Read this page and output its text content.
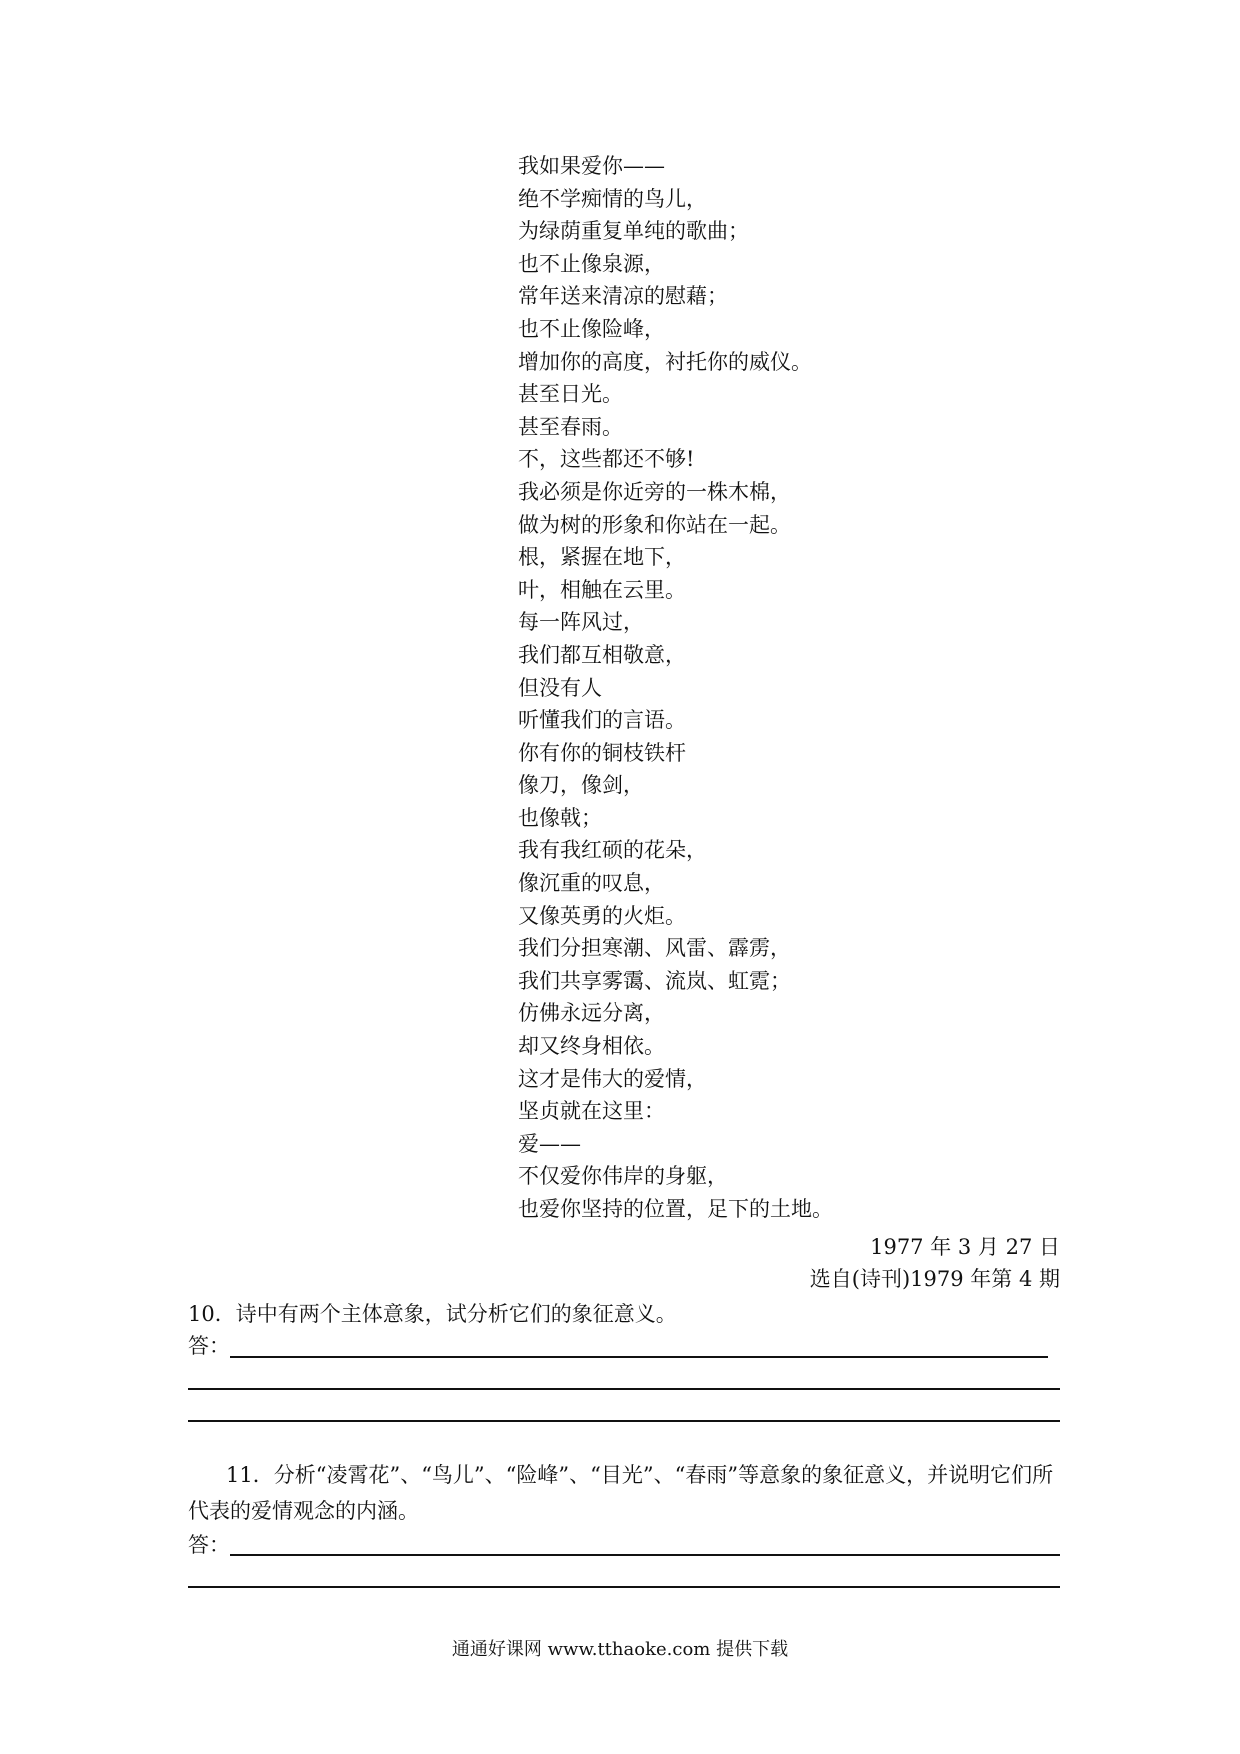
我如果爱你——
绝不学痴情的鸟儿，
为绿荫重复单纯的歌曲；
也不止像泉源，
常年送来清凉的慰藉；
也不止像险峰，
增加你的高度，衬托你的威仪。
甚至日光。
甚至春雨。
不，这些都还不够!
我必须是你近旁的一株木棉，
做为树的形象和你站在一起。
根，紧握在地下，
叶，相触在云里。
每一阵风过，
我们都互相敬意，
但没有人
听懂我们的言语。
你有你的铜枝铁杆
像刀，像剑，
也像戟；
我有我红硕的花朵，
像沉重的叹息，
又像英勇的火炬。
我们分担寒潮、风雷、霹雳，
我们共享雾霭、流岚、虹霓；
仿佛永远分离，
却又终身相依。
这才是伟大的爱情，
坚贞就在这里：
爱——
不仅爱你伟岸的身躯，
也爱你坚持的位置，足下的土地。
1977 年 3 月 27 日
选自(诗刊)1979 年第 4 期
10．诗中有两个主体意象，试分析它们的象征意义。
答：
11．分析“凌霄花”、“鸟儿”、“险峰”、“目光”、“春雨”等意象的象征意义，并说明它们所代表的爱情观念的内涵。
答：
通通好课网 www.tthaoke.com 提供下载
